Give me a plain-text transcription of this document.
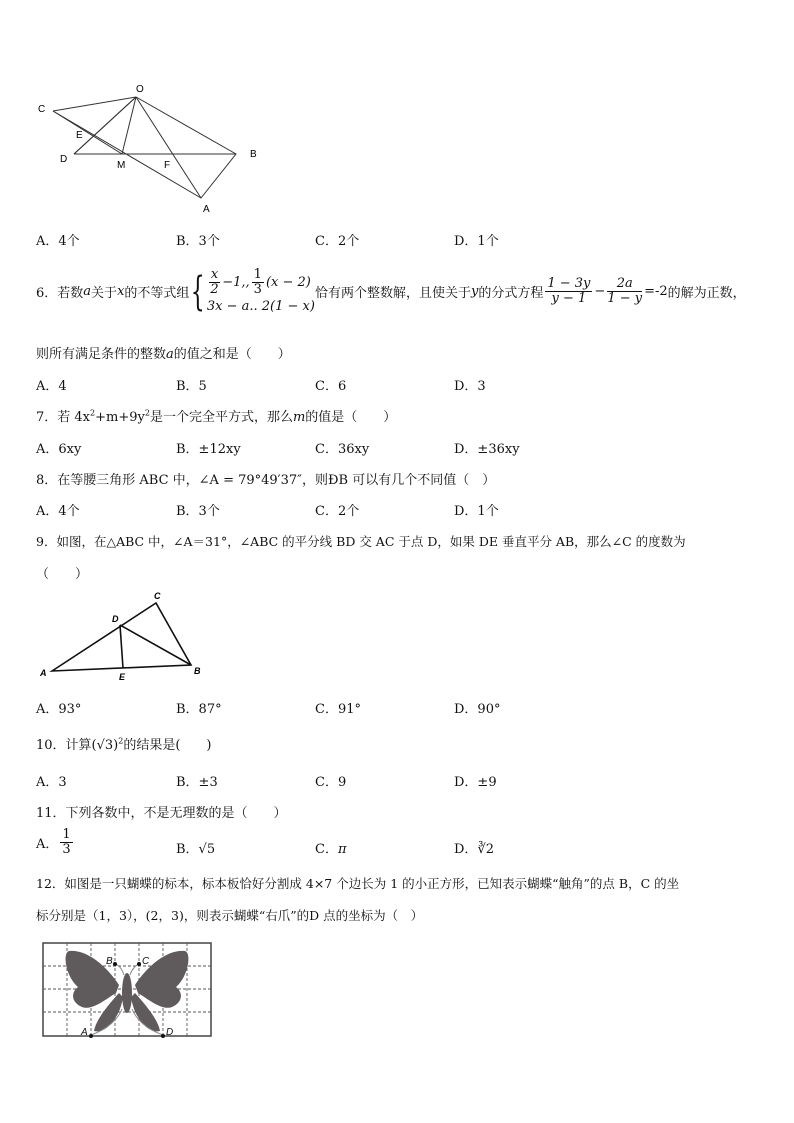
O
C
E
D
M	F
B
A
A．4个	B．3个	C．2个	D．1个
6．若数 a 关于 x 的不等式组 { $\frac{x}{2} -1$,, $\frac{1}{3} (x - 2)$
3x − a.. 2(1 − x)
恰有两个整数解，且使关于 y 的分式方程 $\frac{1 - 3y}{y - 1} - \frac{2a}{1 - y} =-2$ 的解为正数，
则所有满足条件的整数a的值之和是（　　）
A．4	B．5	C．6	D．3
7．若 $4x^2+m+9y^2$是一个完全平方式，那么m的值是（　　）
A．6xy	B．±12xy	C．36xy	D．±36xy
8．在等腰三角形 ABC 中，∠A = 79°49′37″，则ÐB 可以有几个不同值（　）
A．4个	B．3个	C．2个	D．1个
9．如图，在△ABC 中，∠A＝31°，∠ABC 的平分线 BD 交 AC 于点 D，如果 DE 垂直平分 AB，那么∠C 的度数为
（　　）
C
D
A	E
B
A．93°	B．87°	C．91°	D．90°
10．计算$(√3)^2$的结果是(　　)
A．3	B．±3	C．9	D．±9
11．下列各数中，不是无理数的是（　　）
A． $\frac{1}{3}$	B．√5	C．π	D．∛2
12．如图是一只蝴蝶的标本，标本板恰好分割成 4×7 个边长为 1 的小正方形，已知表示蝴蝶“触角”的点 B，C 的坐
标分别是（1，3），(2，3)，则表示蝴蝶“右爪”的D 点的坐标为（　）
B	C
A	D
